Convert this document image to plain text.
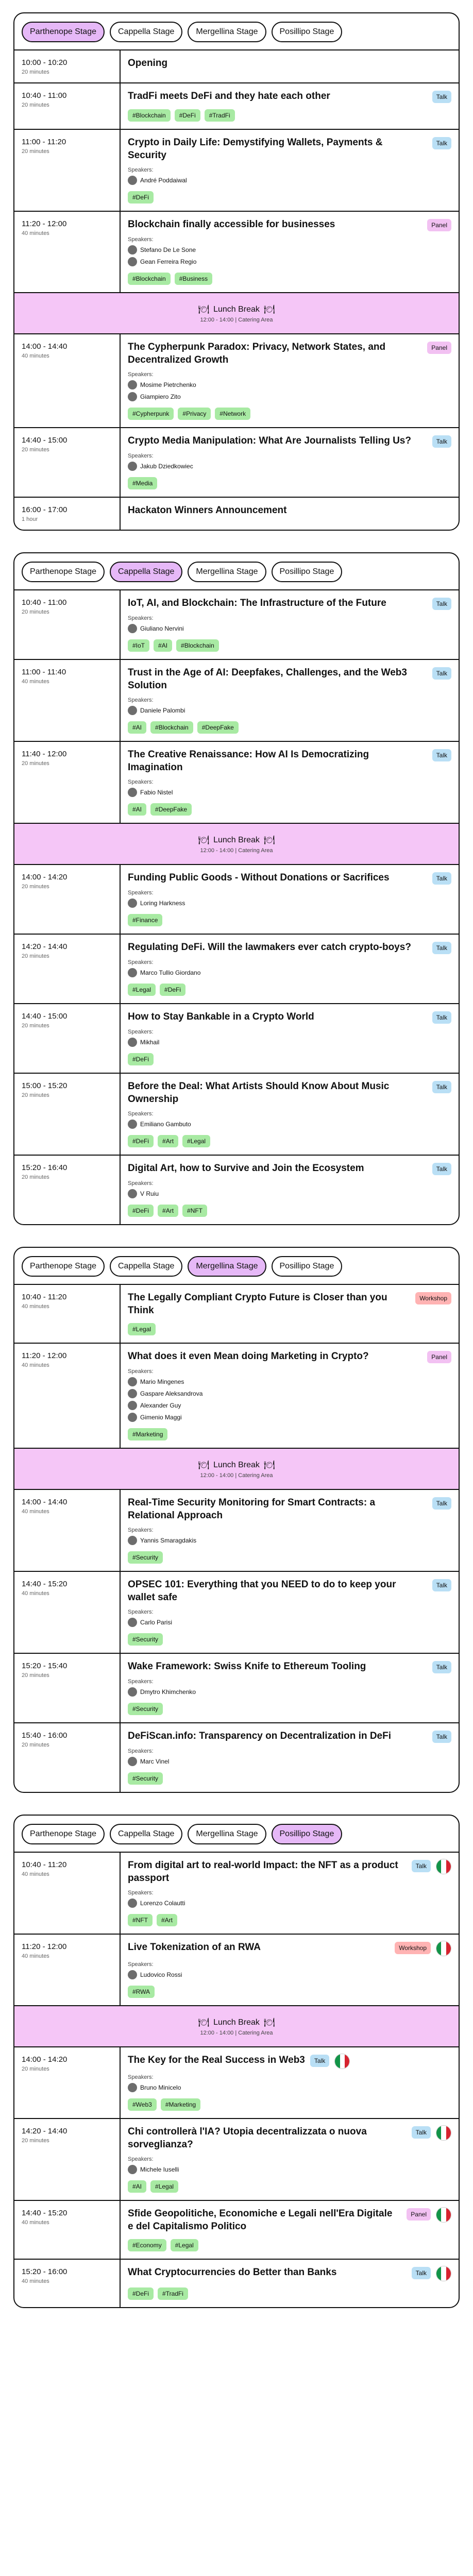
Parthenope Stage	Cappella Stage	Mergellina Stage	Posillipo Stage
10:00 - 10:20
20 minutes
Opening
10:40 - 11:00
20 minutes
TradFi meets DeFi and they hate each other	Talk
#Blockchain	#DeFi	#TradFi
11:00 - 11:20
20 minutes
Crypto in Daily Life: Demystifying Wallets, Payments & Security
Talk
Speakers:
André Poddaiwal
#DeFi
11:20 - 12:00
40 minutes
Blockchain finally accessible for businesses	Panel
Speakers:
Stefano De Le Sone
Gean Ferreira Regio
#Blockchain	#Business
🍽 Lunch Break 🍽
12:00 - 14:00 | Catering Area
14:00 - 14:40
40 minutes
The Cypherpunk Paradox: Privacy, Network States, and Decentralized Growth
Panel
Speakers:
Mosime Pietrchenko
Giampiero Zito
#Cypherpunk	#Privacy	#Network
14:40 - 15:00
20 minutes
Crypto Media Manipulation: What Are Journalists Telling Us?	Talk
Speakers:
Jakub Dziedkowiec
#Media
16:00 - 17:00
1 hour
Hackaton Winners Announcement
Parthenope Stage	Cappella Stage	Mergellina Stage	Posillipo Stage
10:40 - 11:00
20 minutes
IoT, AI, and Blockchain: The Infrastructure of the Future	Talk
Speakers:
Giuliano Nervini
#IoT	#AI	#Blockchain
11:00 - 11:40
40 minutes
Trust in the Age of AI: Deepfakes, Challenges, and the Web3 Solution
Talk
Speakers:
Daniele Palombi
#AI	#Blockchain	#DeepFake
11:40 - 12:00
20 minutes
The Creative Renaissance: How AI Is Democratizing Imagination
Talk
Speakers:
Fabio Nistel
#AI	#DeepFake
🍽 Lunch Break 🍽
12:00 - 14:00 | Catering Area
14:00 - 14:20
20 minutes
Funding Public Goods - Without Donations or Sacrifices	Talk
Speakers:
Loring Harkness
#Finance
14:20 - 14:40
20 minutes
Regulating DeFi. Will the lawmakers ever catch crypto-boys?	Talk
Speakers:
Marco Tullio Giordano
#Legal	#DeFi
14:40 - 15:00
20 minutes
How to Stay Bankable in a Crypto World	Talk
Speakers:
Mikhail
#DeFi
15:00 - 15:20
20 minutes
Before the Deal: What Artists Should Know About Music Ownership
Talk
Speakers:
Emiliano Gambuto
#DeFi	#Art	#Legal
15:20 - 16:40
20 minutes
Digital Art, how to Survive and Join the Ecosystem	Talk
Speakers:
V Ruiu
#DeFi	#Art	#NFT
Parthenope Stage	Cappella Stage	Mergellina Stage	Posillipo Stage
10:40 - 11:20
40 minutes
The Legally Compliant Crypto Future is Closer than you Think
Workshop
#Legal
11:20 - 12:00
40 minutes
What does it even Mean doing Marketing in Crypto?	Panel
Speakers:
Mario Mingenes
Gaspare Aleksandrova
Alexander Guy
Gimenio Maggi
#Marketing
🍽 Lunch Break 🍽
12:00 - 14:00 | Catering Area
14:00 - 14:40
40 minutes
Real-Time Security Monitoring for Smart Contracts: a Relational Approach
Talk
Speakers:
Yannis Smaragdakis
#Security
14:40 - 15:20
40 minutes
OPSEC 101: Everything that you NEED to do to keep your wallet safe
Talk
Speakers:
Carlo Parisi
#Security
15:20 - 15:40
20 minutes
Wake Framework: Swiss Knife to Ethereum Tooling	Talk
Speakers:
Dmytro Khimchenko
#Security
15:40 - 16:00
20 minutes
DeFiScan.info: Transparency on Decentralization in DeFi	Talk
Speakers:
Marc Vinel
#Security
Parthenope Stage	Cappella Stage	Mergellina Stage	Posillipo Stage
10:40 - 11:20
40 minutes
From digital art to real-world Impact: the NFT as a product passport
Talk
Speakers:
Lorenzo Colautti
#NFT	#Art
11:20 - 12:00
40 minutes
Live Tokenization of an RWA	Workshop
Speakers:
Ludovico Rossi
#RWA
🍽 Lunch Break 🍽
12:00 - 14:00 | Catering Area
14:00 - 14:20
20 minutes
The Key for the Real Success in Web3	Talk
Speakers:
Bruno Minicelo
#Web3	#Marketing
14:20 - 14:40
20 minutes
Chi controllerà l'IA? Utopia decentralizzata o nuova sorveglianza?
Talk
Speakers:
Michele Iuselli
#AI	#Legal
14:40 - 15:20
40 minutes
Sfide Geopolitiche, Economiche e Legali nell'Era Digitale e del Capitalismo Politico
Panel
#Economy	#Legal
15:20 - 16:00
40 minutes
What Cryptocurrencies do Better than Banks	Talk
#DeFi	#TradFi
